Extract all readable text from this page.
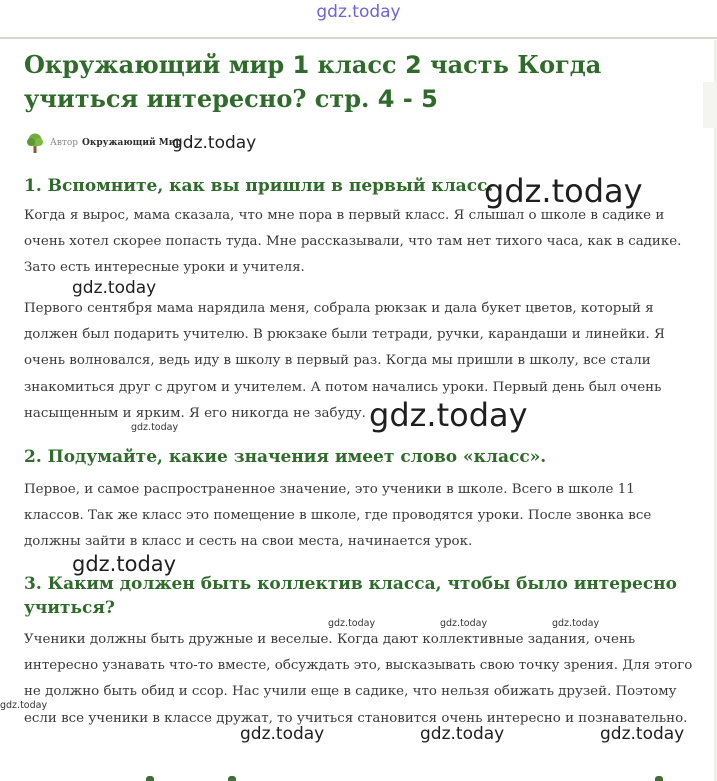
gdz.today
Окружающий мир 1 класс 2 часть Когда учиться интересно? стр. 4 - 5
Автор Окружающий Мир
1. Вспомните, как вы пришли в первый класс.

Когда я вырос, мама сказала, что мне пора в первый класс. Я слышал о школе в садике и очень хотел скорее попасть туда. Мне рассказывали, что там нет тихого часа, как в садике. Зато есть интересные уроки и учителя.

Первого сентября мама нарядила меня, собрала рюкзак и дала букет цветов, который я должен был подарить учителю. В рюкзаке были тетради, ручки, карандаши и линейки. Я очень волновался, ведь иду в школу в первый раз. Когда мы пришли в школу, все стали знакомиться друг с другом и учителем. А потом начались уроки. Первый день был очень насыщенным и ярким. Я его никогда не забуду.

2. Подумайте, какие значения имеет слово «класс».

Первое, и самое распространенное значение, это ученики в школе. Всего в школе 11 классов. Так же класс это помещение в школе, где проводятся уроки. После звонка все должны зайти в класс и сесть на свои места, начинается урок.

3. Каким должен быть коллектив класса, чтобы было интересно учиться?

Ученики должны быть дружные и веселые. Когда дают коллективные задания, очень интересно узнавать что-то вместе, обсуждать это, высказывать свою точку зрения. Для этого не должно быть обид и ссор. Нас учили еще в садике, что нельзя обижать друзей. Поэтому если все ученики в классе дружат, то учиться становится очень интересно и познавательно.

gdz.today
gdz.today
gdz.today
gdz.today
gdz.today
gdz.today
gdz.today	gdz.today	gdz.today
gdz.today
gdz.today	gdz.today	gdz.today
